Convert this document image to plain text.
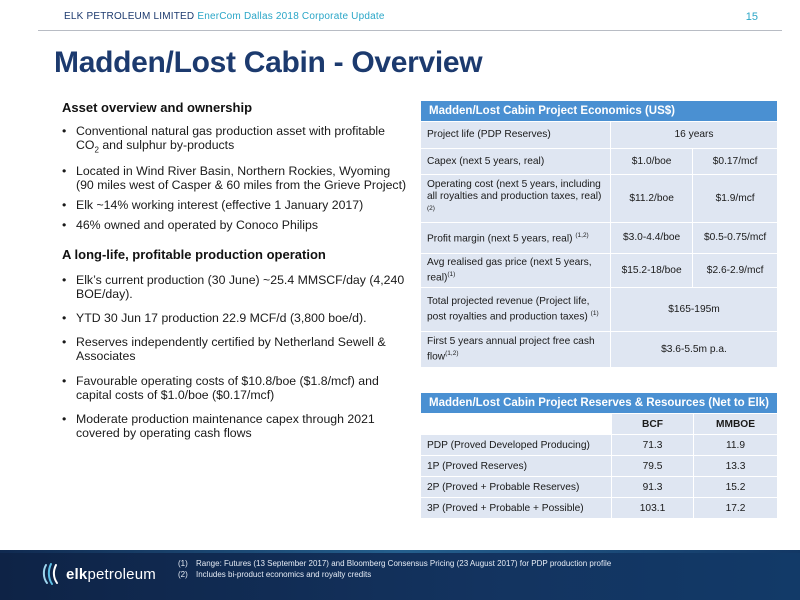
ELK PETROLEUM LIMITED EnerCom Dallas 2018 Corporate Update	15
Madden/Lost Cabin - Overview
Asset overview and ownership
• Conventional natural gas production asset with profitable $CO_2$ and sulphur by-products
• Located in Wind River Basin, Northern Rockies, Wyoming (90 miles west of Casper & 60 miles from the Grieve Project)
• Elk ~14% working interest (effective 1 January 2017)
• 46% owned and operated by Conoco Philips
A long-life, profitable production operation
• Elk’s current production (30 June) ~25.4 MMSCF/day (4,240 BOE/day).
• YTD 30 Jun 17 production 22.9 MCF/d (3,800 boe/d).
• Reserves independently certified by Netherland Sewell & Associates
• Favourable operating costs of $10.8/boe ($1.8/mcf) and capital costs of $1.0/boe ($0.17/mcf)
• Moderate production maintenance capex through 2021 covered by operating cash flows
Madden/Lost Cabin Project Economics (US$)		
Project life (PDP Reserves)	16 years	
Capex (next 5 years, real)	$1.0/boe	$0.17/mcf
Operating cost (next 5 years, including all royalties and production taxes, real) $^{(2)}$	$11.2/boe	$1.9/mcf
Profit margin (next 5 years, real) $^{(1,2)}$	$3.0-4.4/boe	$0.5-0.75/mcf
Avg realised gas price (next 5 years, real)$^{(1)}$	$15.2-18/boe	$2.6-2.9/mcf
Total projected revenue (Project life, post royalties and production taxes) $^{(1)}$	$165-195m	
First 5 years annual project free cash flow$^{(1,2)}$	$3.6-5.5m p.a.	
Madden/Lost Cabin Project Reserves & Resources (Net to Elk)		
	BCF	MMBOE
PDP (Proved Developed Producing)	71.3	11.9
1P (Proved Reserves)	79.5	13.3
2P (Proved + Probable Reserves)	91.3	15.2
3P (Proved + Probable + Possible)	103.1	17.2
elkpetroleum
(1) Range: Futures (13 September 2017) and Bloomberg Consensus Pricing (23 August 2017) for PDP production profile
(2) Includes bi-product economics and royalty credits
